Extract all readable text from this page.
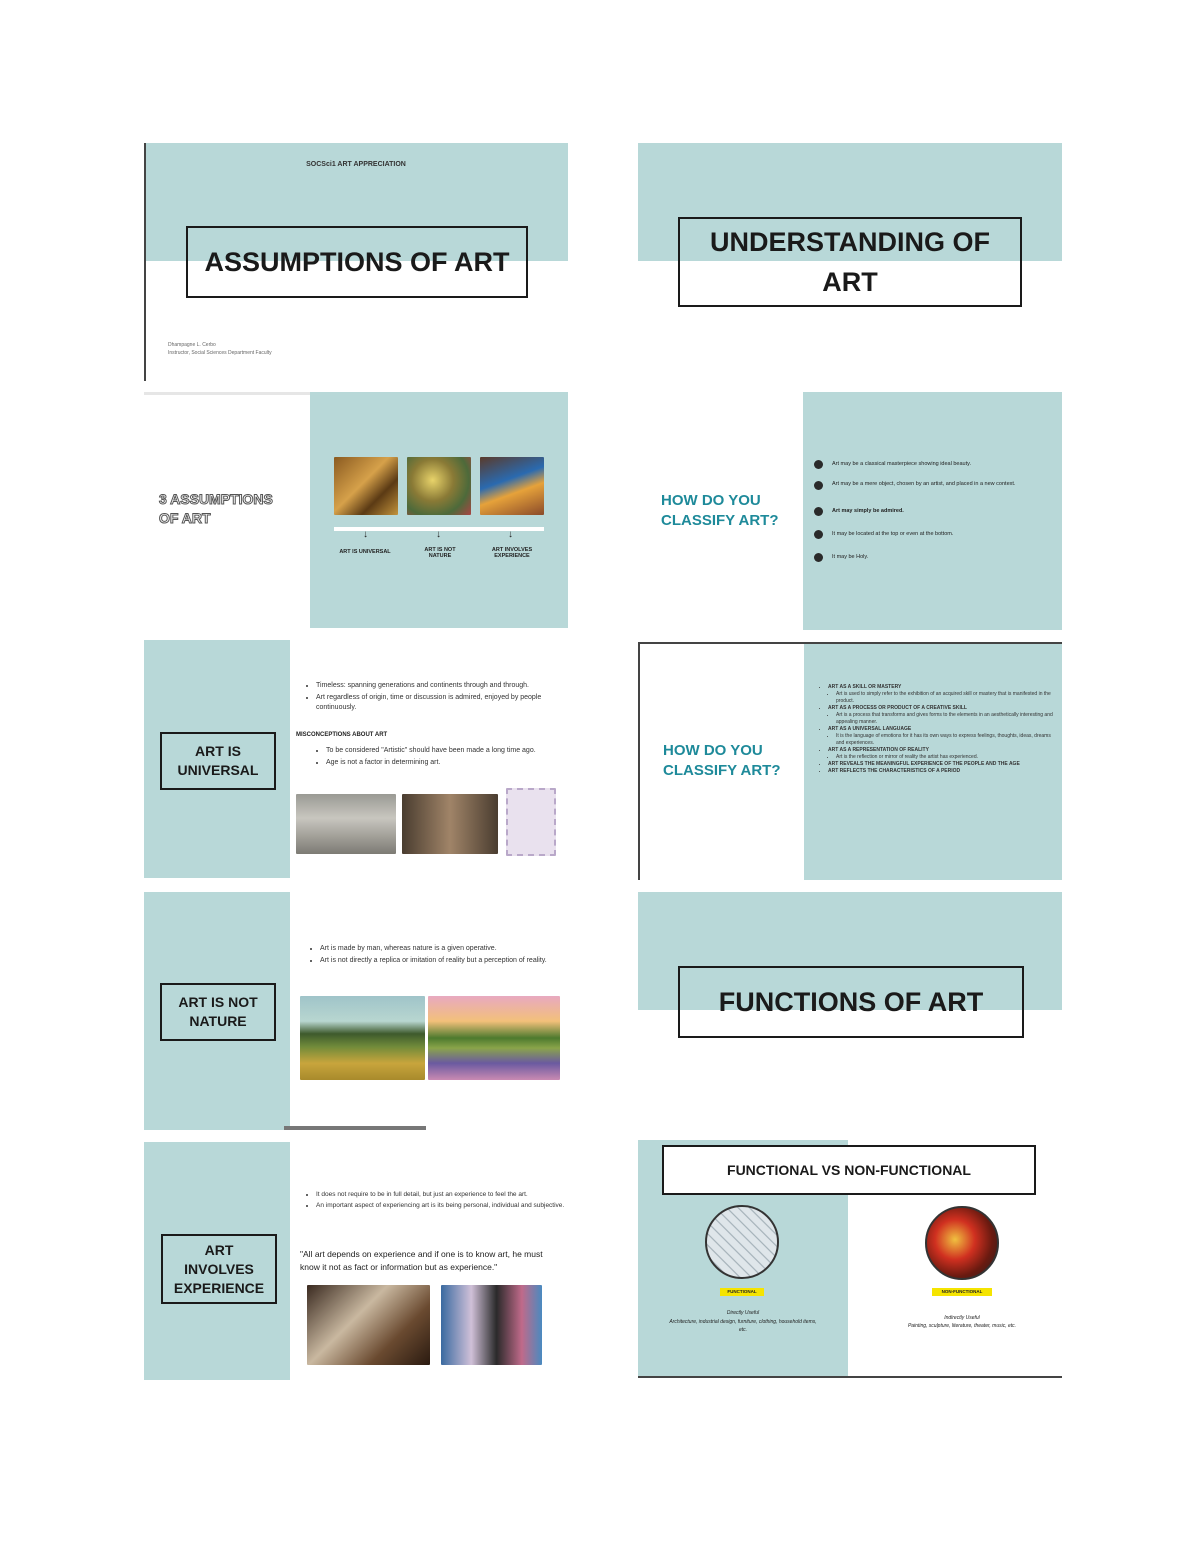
SOCSci1 ART APPRECIATION
ASSUMPTIONS OF ART
Dhampagne L. Cerbo
Instructor, Social Sciences Department Faculty
UNDERSTANDING OF
ART
3 ASSUMPTIONS
OF ART
↓	↓	↓
ART IS UNIVERSAL	ART IS NOT NATURE
ART INVOLVES EXPERIENCE
HOW DO YOU
CLASSIFY ART?
Art may be a classical masterpiece showing ideal beauty.
Art may be a mere object, chosen by an artist, and placed in a new context.
Art may simply be admired.
It may be located at the top or even at the bottom.
It may be Holy.
ART IS
UNIVERSAL
• Timeless: spanning generations and continents through and through.
• Art regardless of origin, time or discussion is admired, enjoyed by people continuously.
MISCONCEPTIONS ABOUT ART
• To be considered "Artistic" should have been made a long time ago.
• Age is not a factor in determining art.
HOW DO YOU
CLASSIFY ART?
• ART AS A SKILL OR MASTERY
• Art is used to simply refer to the exhibition of an acquired skill or mastery that is manifested in the product.
• ART AS A PROCESS OR PRODUCT OF A CREATIVE SKILL
• Art is a process that transforms and gives forms to the elements in an aesthetically interesting and appealing manner.
• ART AS A UNIVERSAL LANGUAGE
• It is the language of emotions for it has its own ways to express feelings, thoughts, ideas, dreams and experiences.
• ART AS A REPRESENTATION OF REALITY
• Art is the reflection or mirror of reality the artist has experienced.
• ART REVEALS THE MEANINGFUL EXPERIENCE OF THE PEOPLE AND THE AGE
• ART REFLECTS THE CHARACTERISTICS OF A PERIOD
ART IS NOT
NATURE
• Art is made by man, whereas nature is a given operative.
• Art is not directly a replica or imitation of reality but a perception of reality.
FUNCTIONS OF ART
ART
INVOLVES
EXPERIENCE
• It does not require to be in full detail, but just an experience to feel the art.
• An important aspect of experiencing art is its being personal, individual and subjective.
"All art depends on experience and if one is to know art, he must know it not as fact or information but as experience."
FUNCTIONAL VS NON-FUNCTIONAL
FUNCTIONAL
Directly Useful
Architecture, industrial design, furniture, clothing, household items, etc.
NON-FUNCTIONAL
Indirectly Useful
Painting, sculpture, literature, theater, music, etc.
